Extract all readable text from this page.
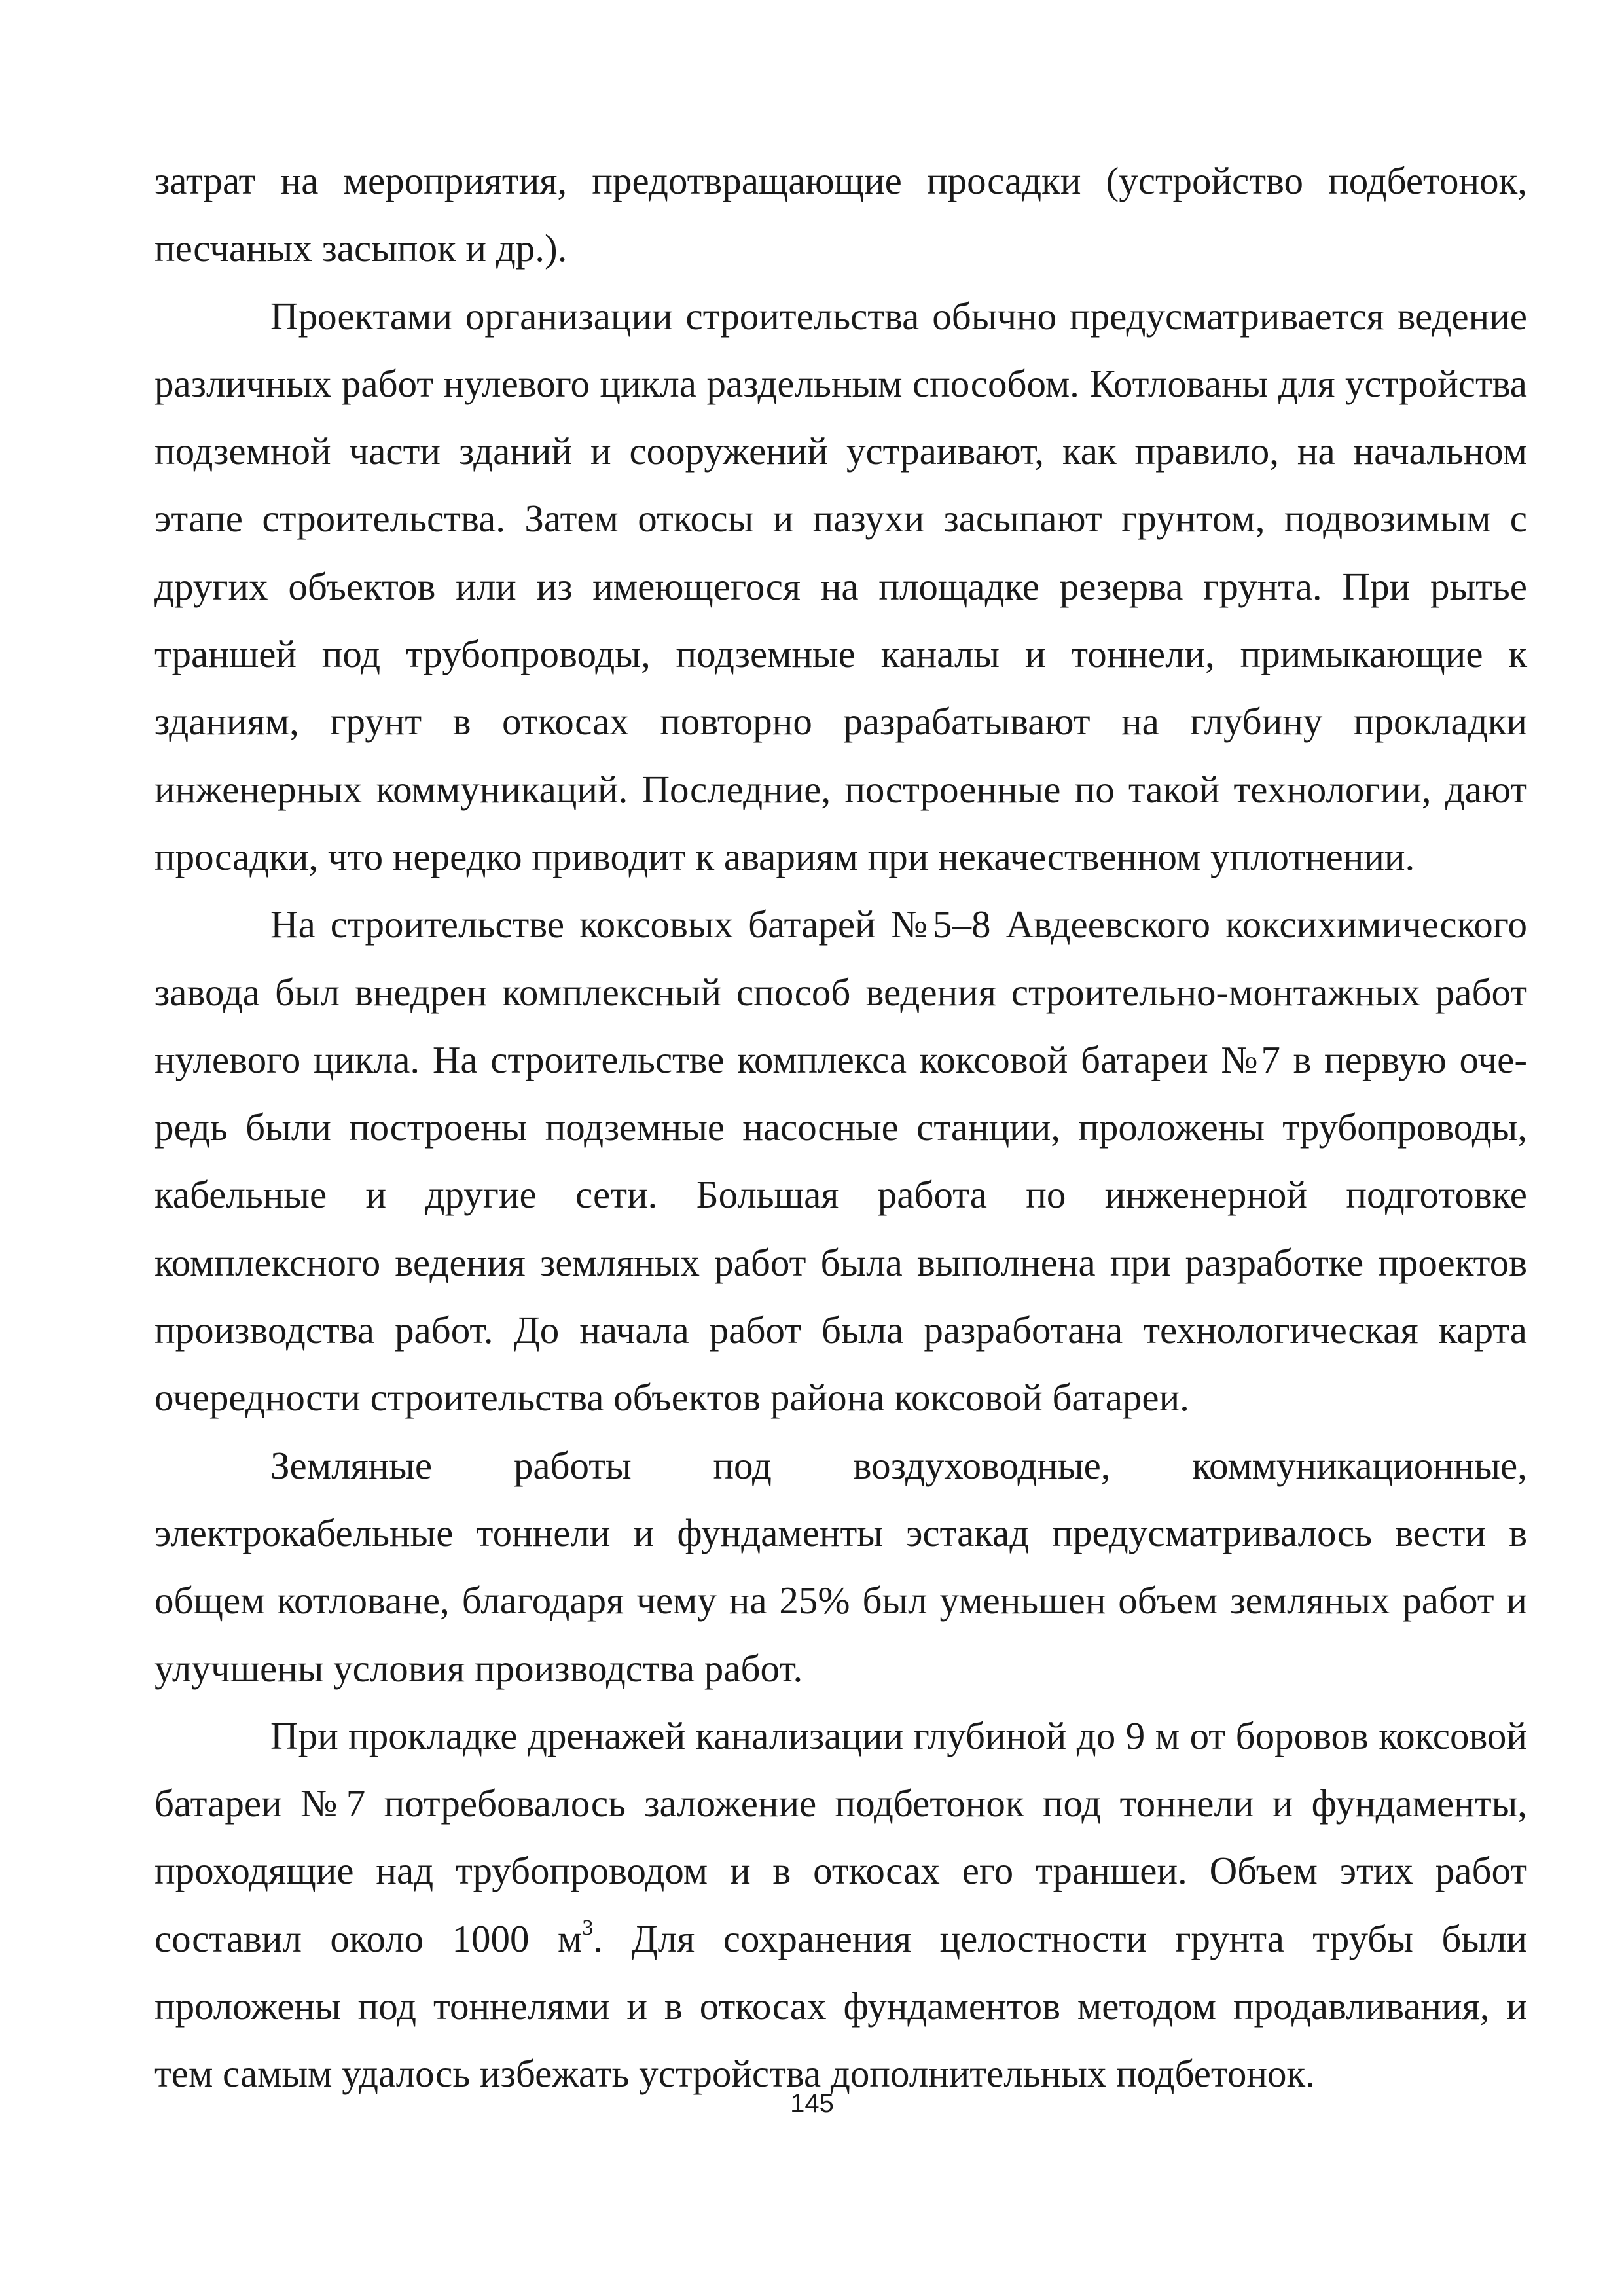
затрат на мероприятия, предотвращающие просадки (устройство подбетонок, песчаных засыпок и др.).

Проектами организации строительства обычно предусматривается ведение различных работ нулевого цикла раздельным способом. Котлованы для устройства подземной части зданий и сооружений устраивают, как правило, на начальном этапе строительства. Затем откосы и пазухи засыпают грунтом, подвозимым с других объектов или из имеющегося на площадке резерва грунта. При рытье траншей под трубопроводы, подземные каналы и тоннели, примыкающие к зданиям, грунт в откосах повторно разрабатывают на глубину прокладки инженерных коммуникаций. Последние, построенные по такой технологии, дают просадки, что нередко приводит к авариям при некачественном уплотнении.

На строительстве коксовых батарей №5–8 Авдеевского коксихимического завода был внедрен комплексный способ ведения строительно-монтажных работ нулевого цикла. На строительстве комплекса коксовой батареи №7 в первую очередь были построены подземные насосные станции, проложены трубопроводы, кабельные и другие сети. Большая работа по инженерной подготовке комплексного ведения земляных работ была выполнена при разработке проектов производства работ. До начала работ была разработана технологическая карта очередности строительства объектов района коксовой батареи.

Земляные работы под воздуховодные, коммуникационные, электрокабельные тоннели и фундаменты эстакад предусматривалось вести в общем котловане, благодаря чему на 25% был уменьшен объем земляных работ и улучшены условия производства работ.

При прокладке дренажей канализации глубиной до 9 м от боровов коксовой батареи №7 потребовалось заложение подбетонок под тоннели и фундаменты, проходящие над трубопроводом и в откосах его траншеи. Объем этих работ составил около 1000 $м^3$. Для сохранения целостности грунта трубы были проложены под тоннелями и в откосах фундаментов методом продавливания, и тем самым удалось избежать устройства дополнительных подбетонок.

145
